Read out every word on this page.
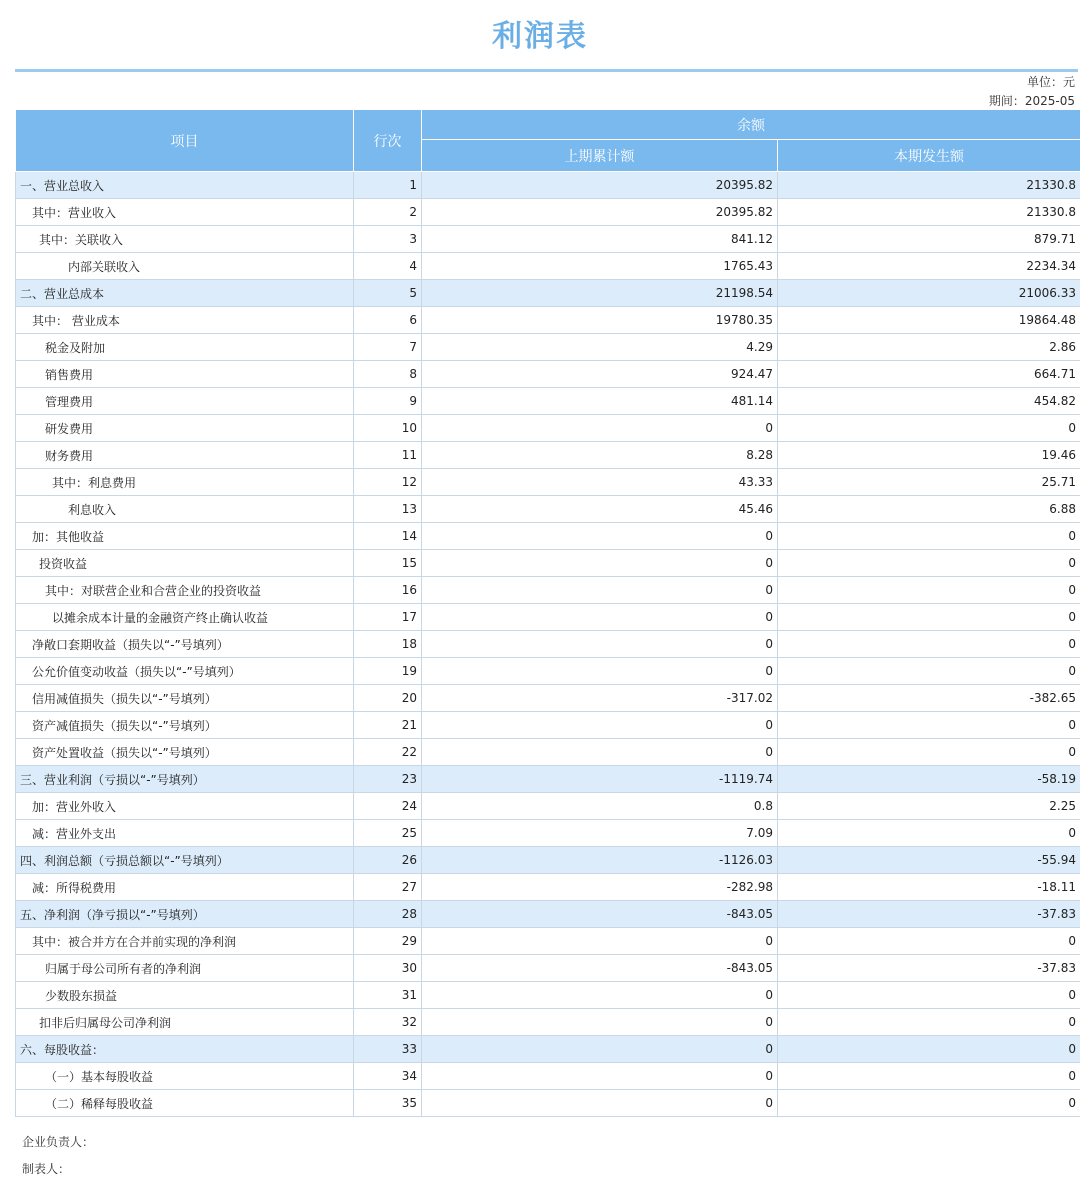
利润表
单位：元
期间：2025-05
项目	行次	余额	
		上期累计额	本期发生额
一、营业总收入	1	20395.82	21330.8
其中：营业收入	2	20395.82	21330.8
其中：关联收入	3	841.12	879.71
内部关联收入	4	1765.43	2234.34
二、营业总成本	5	21198.54	21006.33
其中： 营业成本	6	19780.35	19864.48
税金及附加	7	4.29	2.86
销售费用	8	924.47	664.71
管理费用	9	481.14	454.82
研发费用	10	0	0
财务费用	11	8.28	19.46
其中：利息费用	12	43.33	25.71
利息收入	13	45.46	6.88
加：其他收益	14	0	0
投资收益	15	0	0
其中：对联营企业和合营企业的投资收益	16	0	0
以摊余成本计量的金融资产终止确认收益	17	0	0
净敞口套期收益（损失以“-”号填列）	18	0	0
公允价值变动收益（损失以“-”号填列）	19	0	0
信用减值损失（损失以“-”号填列）	20	-317.02	-382.65
资产减值损失（损失以“-”号填列）	21	0	0
资产处置收益（损失以“-”号填列）	22	0	0
三、营业利润（亏损以“-”号填列）	23	-1119.74	-58.19
加：营业外收入	24	0.8	2.25
减：营业外支出	25	7.09	0
四、利润总额（亏损总额以“-”号填列）	26	-1126.03	-55.94
减：所得税费用	27	-282.98	-18.11
五、净利润（净亏损以“-”号填列）	28	-843.05	-37.83
其中：被合并方在合并前实现的净利润	29	0	0
归属于母公司所有者的净利润	30	-843.05	-37.83
少数股东损益	31	0	0
扣非后归属母公司净利润	32	0	0
六、每股收益：	33	0	0
（一）基本每股收益	34	0	0
（二）稀释每股收益	35	0	0
企业负责人：
制表人：
